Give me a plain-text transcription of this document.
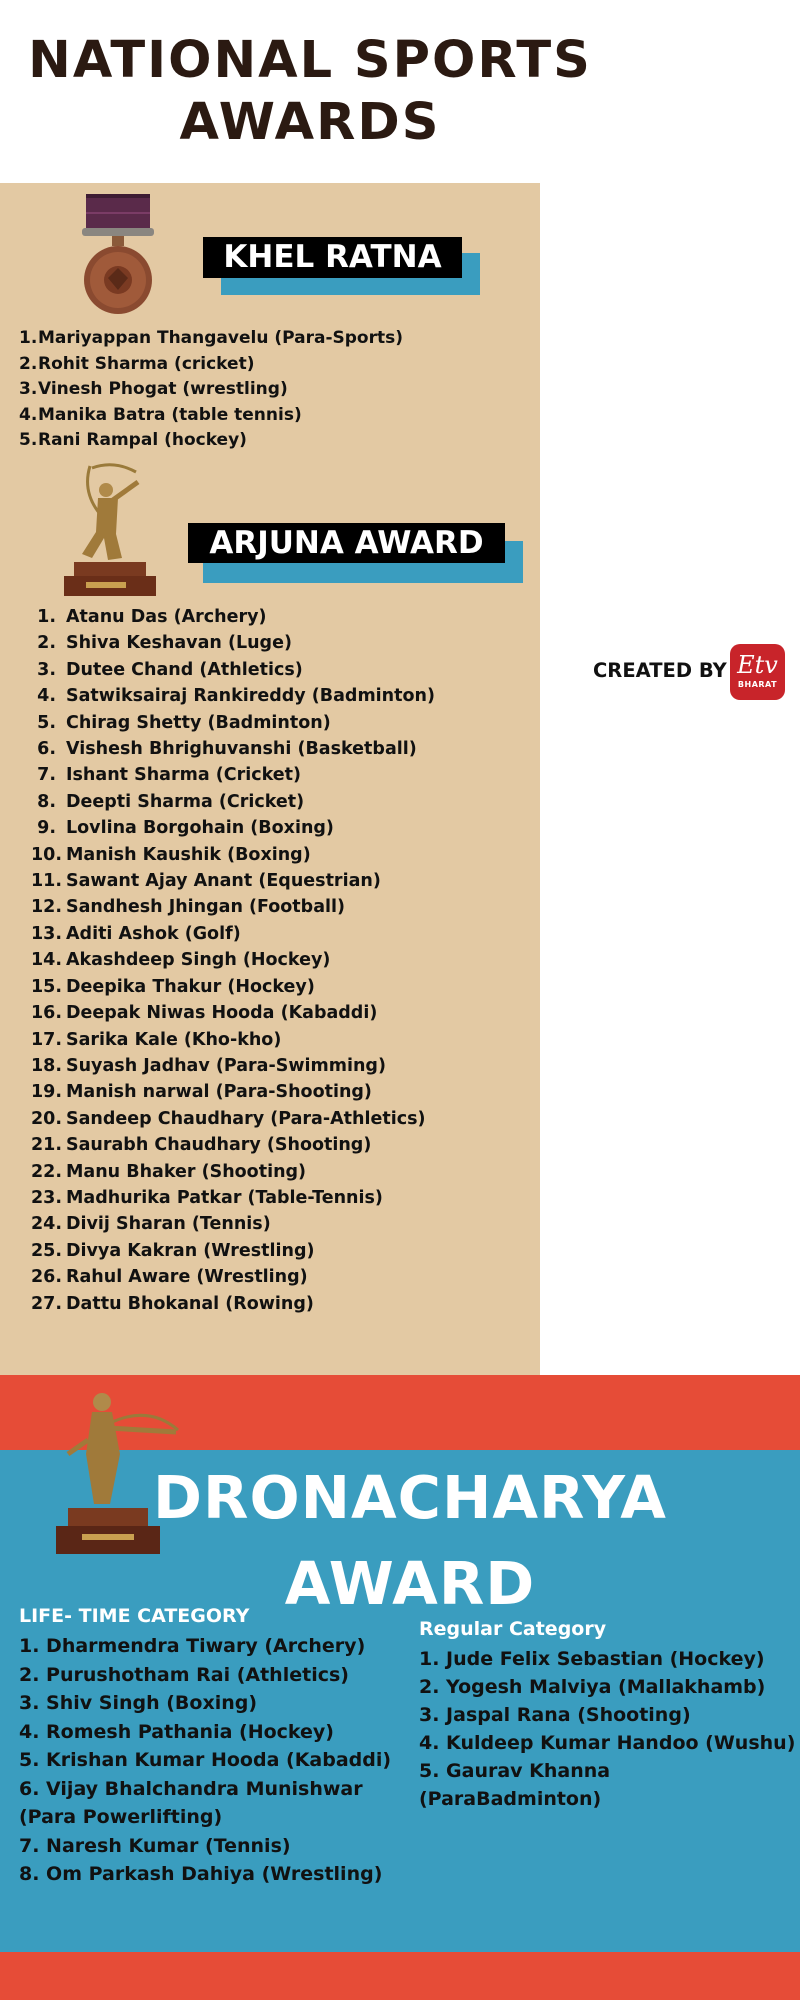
NATIONAL SPORTS
AWARDS
KHEL RATNA
1. Mariyappan Thangavelu (Para-Sports)
2. Rohit Sharma (cricket)
3. Vinesh Phogat (wrestling)
4. Manika Batra (table tennis)
5. Rani Rampal (hockey)
ARJUNA AWARD
1. Atanu Das (Archery)
2. Shiva Keshavan (Luge)
3. Dutee Chand (Athletics)
4. Satwiksairaj Rankireddy (Badminton)
5. Chirag Shetty (Badminton)
6. Vishesh Bhrighuvanshi (Basketball)
7. Ishant Sharma (Cricket)
8. Deepti Sharma (Cricket)
9. Lovlina Borgohain (Boxing)
10. Manish Kaushik (Boxing)
11. Sawant Ajay Anant (Equestrian)
12. Sandhesh Jhingan (Football)
13. Aditi Ashok (Golf)
14. Akashdeep Singh (Hockey)
15. Deepika Thakur (Hockey)
16. Deepak Niwas Hooda (Kabaddi)
17. Sarika Kale (Kho-kho)
18. Suyash Jadhav (Para-Swimming)
19. Manish narwal (Para-Shooting)
20. Sandeep Chaudhary (Para-Athletics)
21. Saurabh Chaudhary (Shooting)
22. Manu Bhaker (Shooting)
23. Madhurika Patkar (Table-Tennis)
24. Divij Sharan (Tennis)
25. Divya Kakran (Wrestling)
26. Rahul Aware (Wrestling)
27. Dattu Bhokanal (Rowing)
CREATED BY Etv
BHARAT
DRONACHARYA
AWARD
LIFE- TIME CATEGORY
1. Dharmendra Tiwary (Archery)
2. Purushotham Rai (Athletics)
3. Shiv Singh (Boxing)
4. Romesh Pathania (Hockey)
5. Krishan Kumar Hooda (Kabaddi)
6. Vijay Bhalchandra Munishwar
(Para Powerlifting)
7. Naresh Kumar (Tennis)
8. Om Parkash Dahiya (Wrestling)
Regular Category
1. Jude Felix Sebastian (Hockey)
2. Yogesh Malviya (Mallakhamb)
3. Jaspal Rana (Shooting)
4. Kuldeep Kumar Handoo (Wushu)
5. Gaurav Khanna
(ParaBadminton)
